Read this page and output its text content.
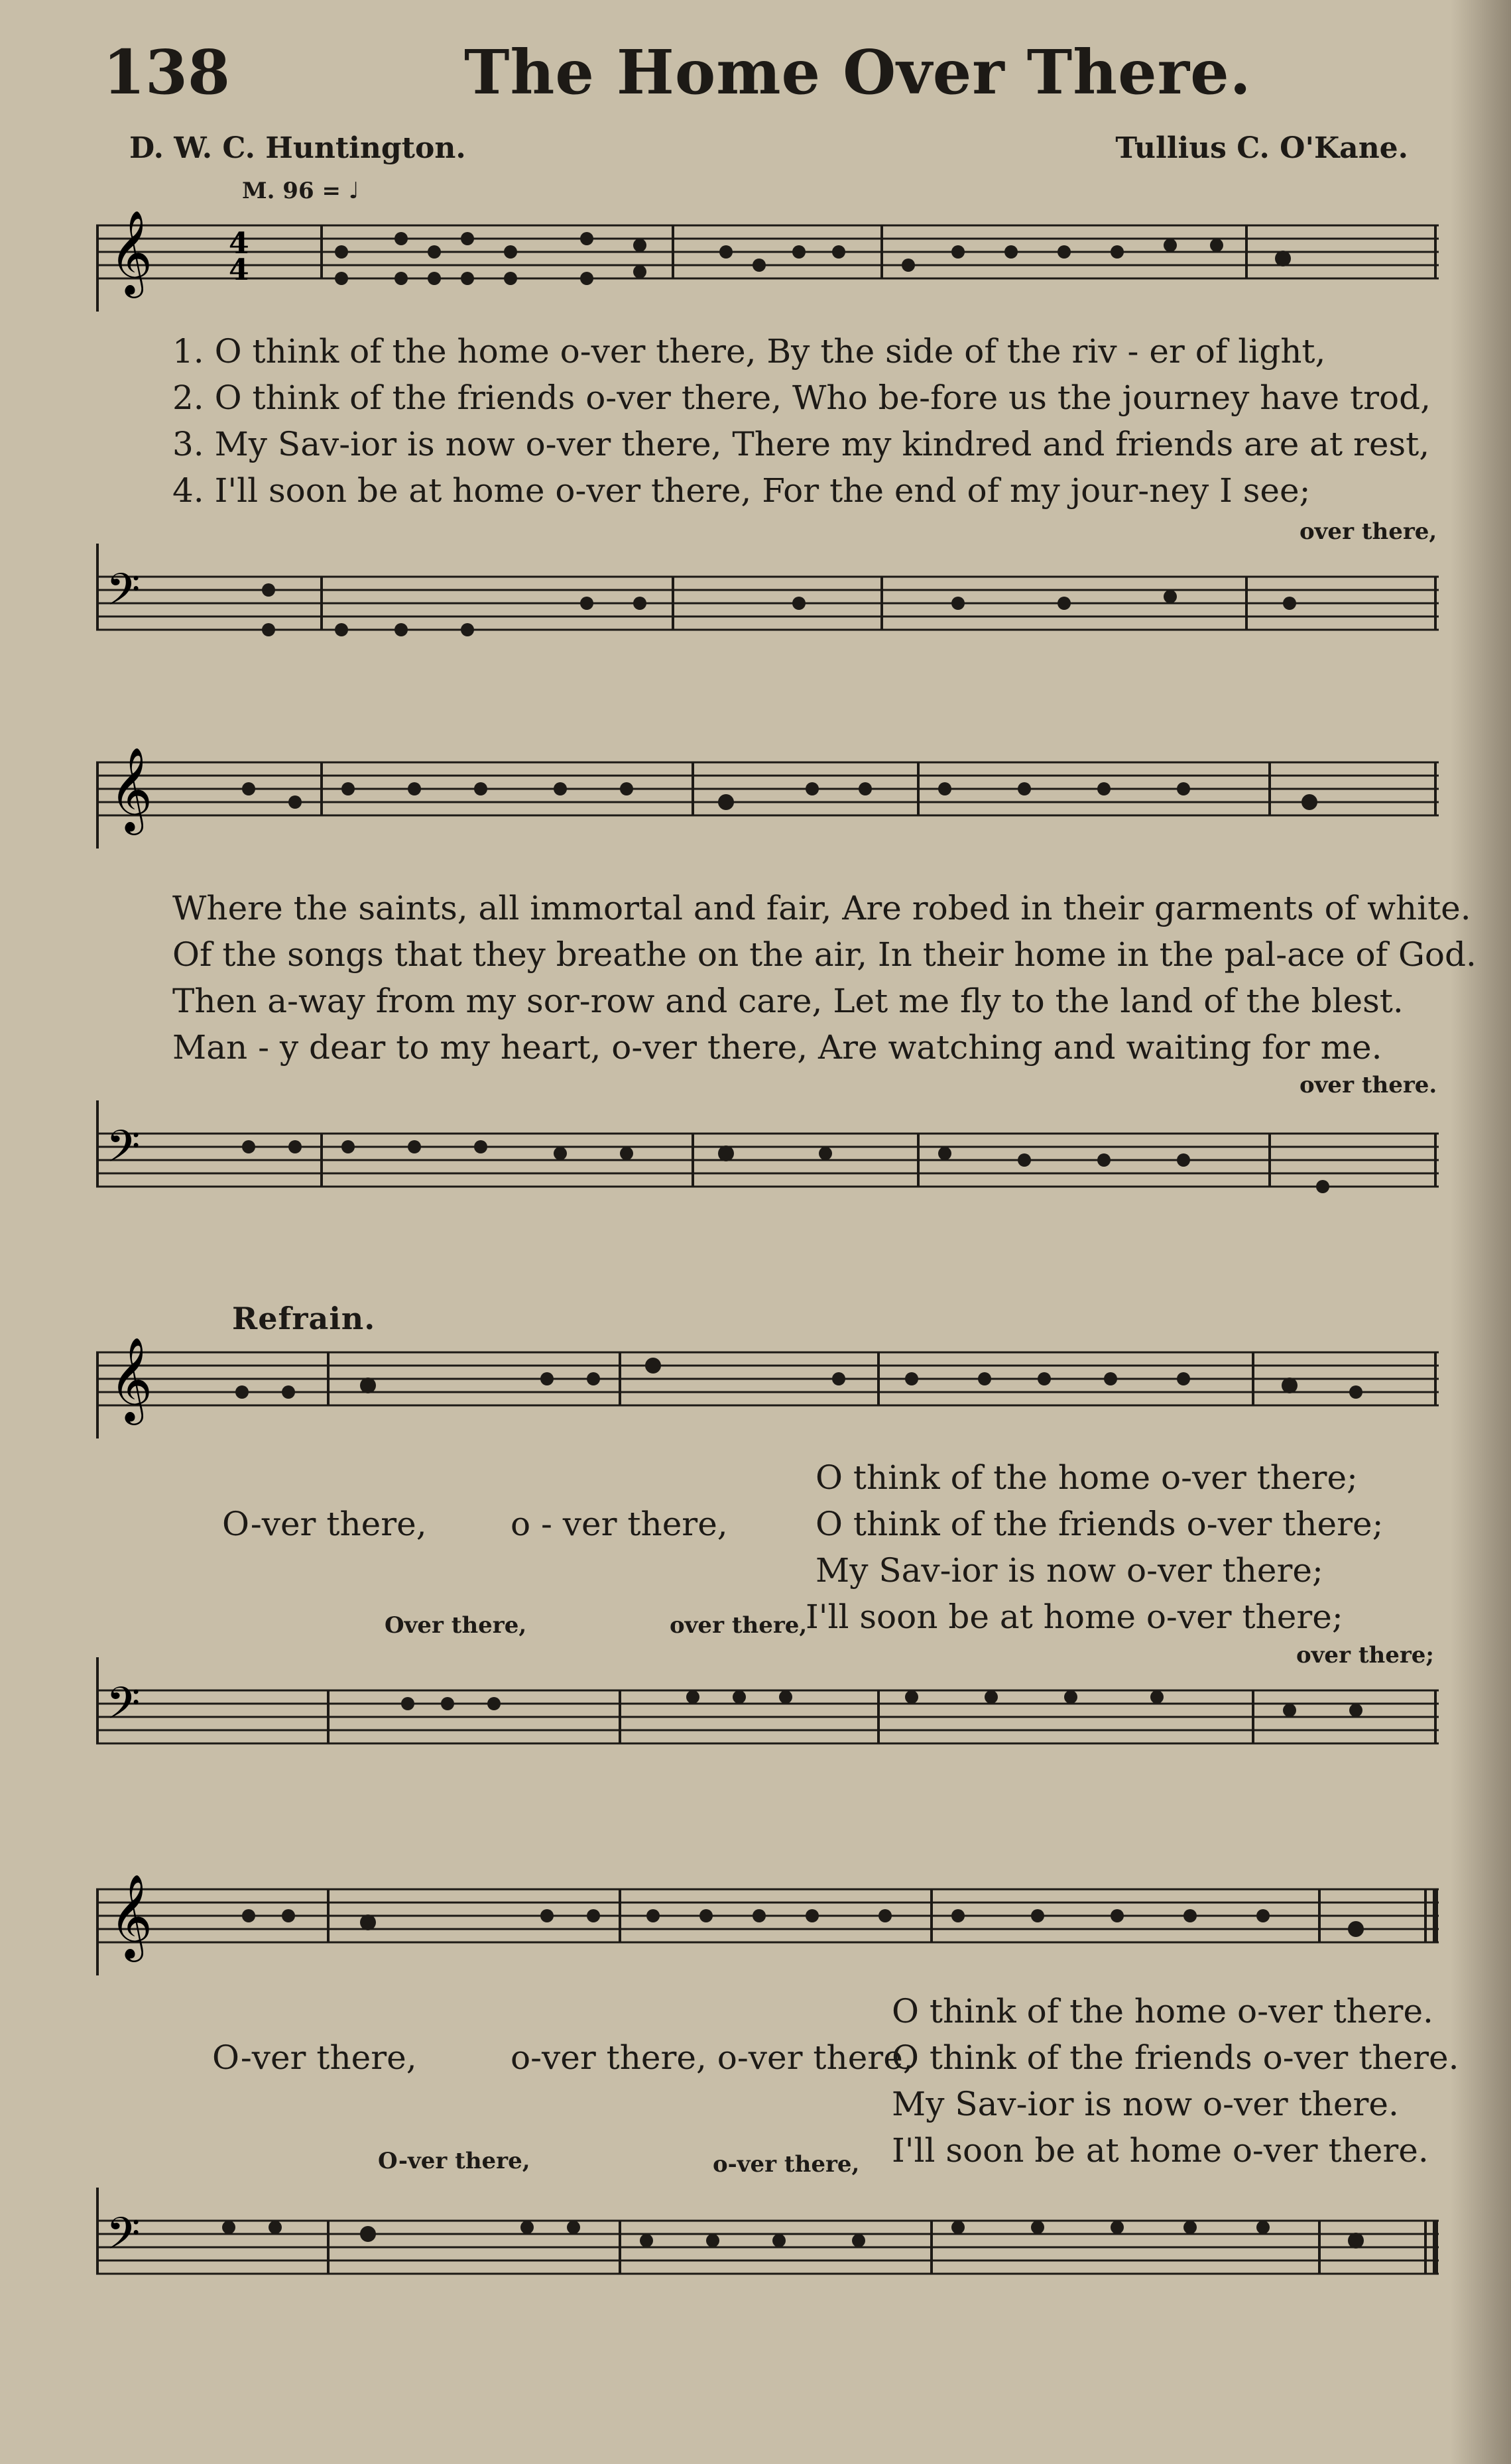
138	The Home Over There.
D. W. C. Huntington.	Tullius C. O'Kane.
M. 96 = ♩
𝄞	4
4
1. O think of the home o-ver there, By the side of the riv - er of light,
2. O think of the friends o-ver there, Who be-fore us the journey have trod,
3. My Sav-ior is now o-ver there, There my kindred and friends are at rest,
4. I'll soon be at home o-ver there, For the end of my jour-ney I see;
over there,
𝄢
𝄞
Where the saints, all immortal and fair, Are robed in their garments of white.
Of the songs that they breathe on the air, In their home in the pal-ace of God.
Then a-way from my sor-row and care, Let me fly to the land of the blest.
Man - y dear to my heart, o-ver there, Are watching and waiting for me.
over there.
𝄢
Refrain.
𝄞
O think of the home o-ver there;
O-ver there,	o - ver there,	O think of the friends o-ver there;
My Sav-ior is now o-ver there;
Over there,	over there,
I'll soon be at home o-ver there;
over there;
𝄢
𝄞
O think of the home o-ver there.
O-ver there,	o-ver there, o-ver there,
O think of the friends o-ver there.
My Sav-ior is now o-ver there.
O-ver there,	o-ver there, I'll soon be at home o-ver there.
𝄢
